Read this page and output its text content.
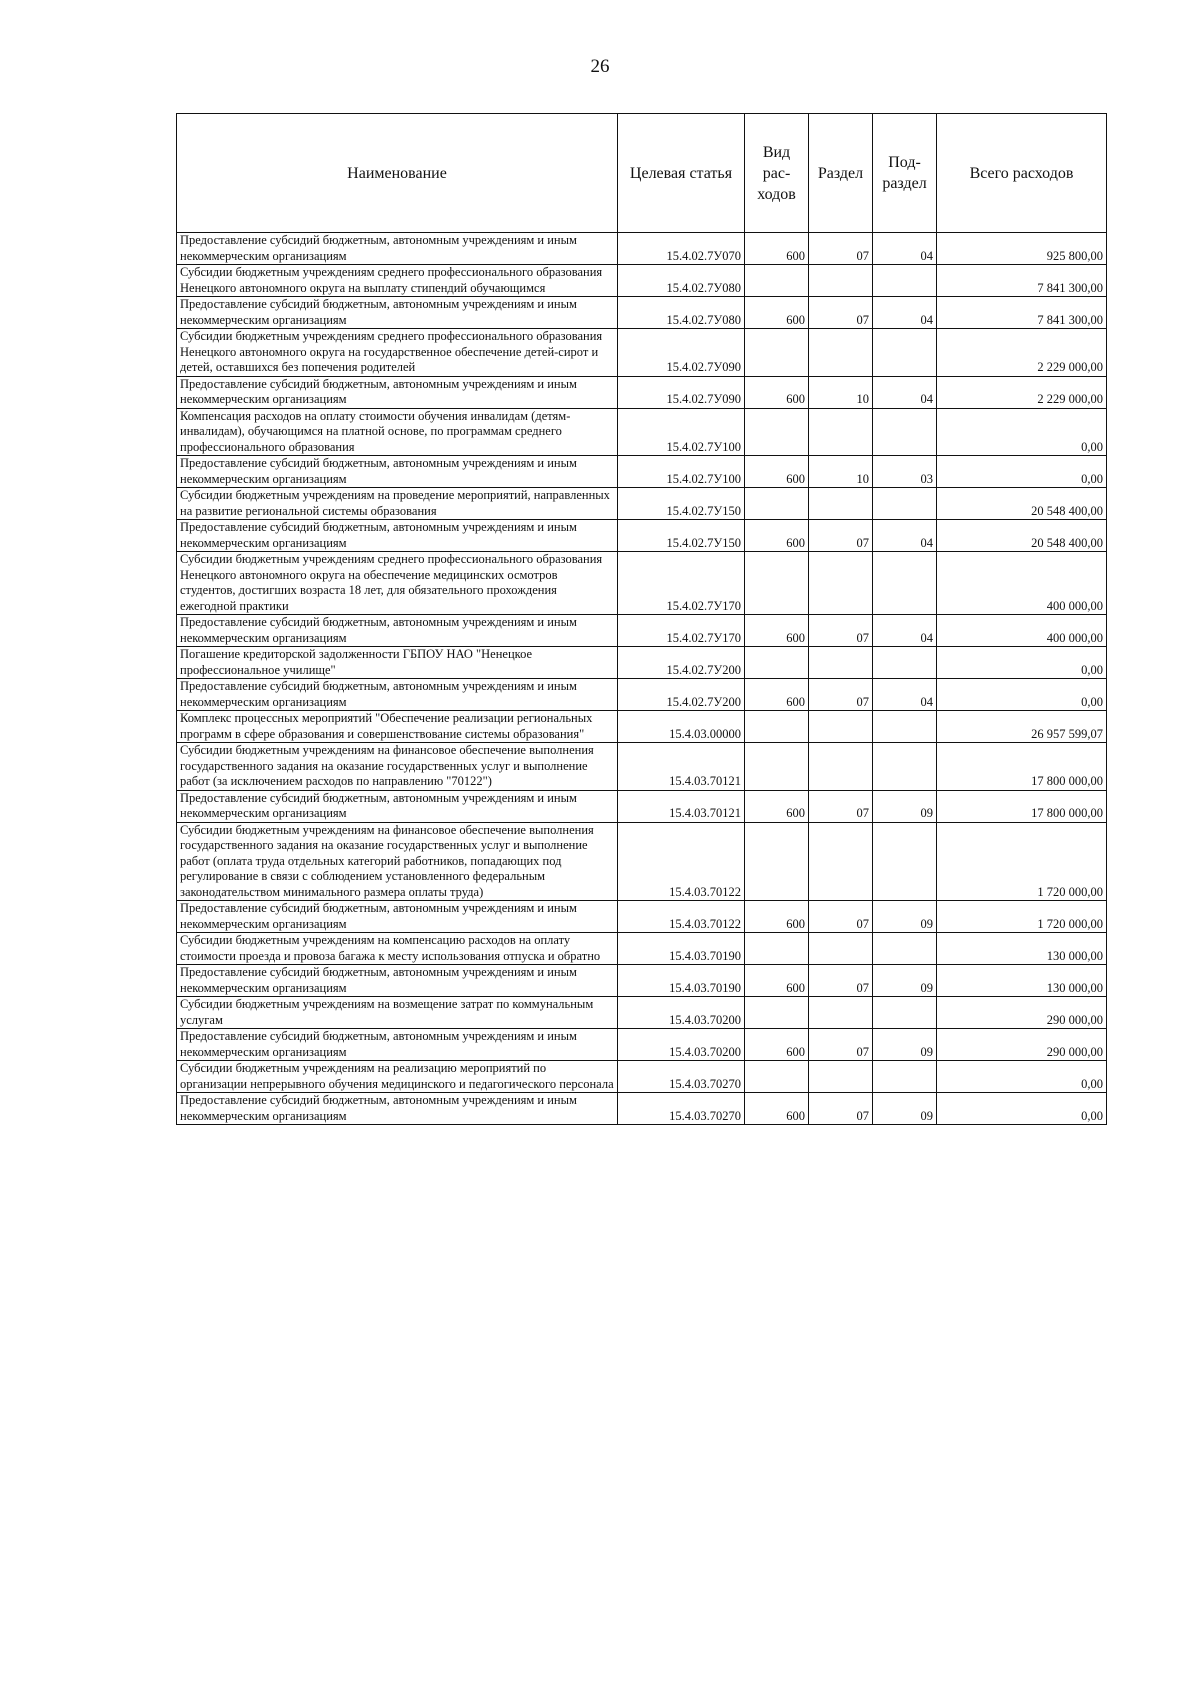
26
Наименование	Целевая статья	Вид рас- ходов	Раздел	Под- раздел	Всего расходов
Предоставление субсидий бюджетным, автономным учреждениям и иным некоммерческим организациям	15.4.02.7У070	600	07	04	925 800,00
Субсидии бюджетным учреждениям среднего профессионального образования Ненецкого автономного округа на выплату стипендий обучающимся	15.4.02.7У080				7 841 300,00
Предоставление субсидий бюджетным, автономным учреждениям и иным некоммерческим организациям	15.4.02.7У080	600	07	04	7 841 300,00
Субсидии бюджетным учреждениям среднего профессионального образования Ненецкого автономного округа на государственное обеспечение детей-сирот и детей, оставшихся без попечения родителей	15.4.02.7У090				2 229 000,00
Предоставление субсидий бюджетным, автономным учреждениям и иным некоммерческим организациям	15.4.02.7У090	600	10	04	2 229 000,00
Компенсация расходов на оплату стоимости обучения инвалидам (детям-инвалидам), обучающимся на платной основе, по программам среднего профессионального образования	15.4.02.7У100				0,00
Предоставление субсидий бюджетным, автономным учреждениям и иным некоммерческим организациям	15.4.02.7У100	600	10	03	0,00
Субсидии бюджетным учреждениям на проведение мероприятий, направленных на развитие региональной системы образования	15.4.02.7У150				20 548 400,00
Предоставление субсидий бюджетным, автономным учреждениям и иным некоммерческим организациям	15.4.02.7У150	600	07	04	20 548 400,00
Субсидии бюджетным учреждениям среднего профессионального образования Ненецкого автономного округа на обеспечение медицинских осмотров студентов, достигших возраста 18 лет, для обязательного прохождения ежегодной практики	15.4.02.7У170				400 000,00
Предоставление субсидий бюджетным, автономным учреждениям и иным некоммерческим организациям	15.4.02.7У170	600	07	04	400 000,00
Погашение кредиторской задолженности ГБПОУ НАО "Ненецкое профессиональное училище"	15.4.02.7У200				0,00
Предоставление субсидий бюджетным, автономным учреждениям и иным некоммерческим организациям	15.4.02.7У200	600	07	04	0,00
Комплекс процессных мероприятий "Обеспечение реализации региональных программ в сфере образования и совершенствование системы образования"	15.4.03.00000				26 957 599,07
Субсидии бюджетным учреждениям на финансовое обеспечение выполнения государственного задания на оказание государственных услуг и выполнение работ (за исключением расходов по направлению "70122")	15.4.03.70121				17 800 000,00
Предоставление субсидий бюджетным, автономным учреждениям и иным некоммерческим организациям	15.4.03.70121	600	07	09	17 800 000,00
Субсидии бюджетным учреждениям на финансовое обеспечение выполнения государственного задания на оказание государственных услуг и выполнение работ (оплата труда отдельных категорий работников, попадающих под регулирование в связи с соблюдением установленного федеральным законодательством минимального размера оплаты труда)	15.4.03.70122				1 720 000,00
Предоставление субсидий бюджетным, автономным учреждениям и иным некоммерческим организациям	15.4.03.70122	600	07	09	1 720 000,00
Субсидии бюджетным учреждениям на компенсацию расходов на оплату стоимости проезда и провоза багажа к месту использования отпуска и обратно	15.4.03.70190				130 000,00
Предоставление субсидий бюджетным, автономным учреждениям и иным некоммерческим организациям	15.4.03.70190	600	07	09	130 000,00
Субсидии бюджетным учреждениям на возмещение затрат по коммунальным услугам	15.4.03.70200				290 000,00
Предоставление субсидий бюджетным, автономным учреждениям и иным некоммерческим организациям	15.4.03.70200	600	07	09	290 000,00
Субсидии бюджетным учреждениям на реализацию мероприятий по организации непрерывного обучения медицинского и педагогического персонала	15.4.03.70270				0,00
Предоставление субсидий бюджетным, автономным учреждениям и иным некоммерческим организациям	15.4.03.70270	600	07	09	0,00
